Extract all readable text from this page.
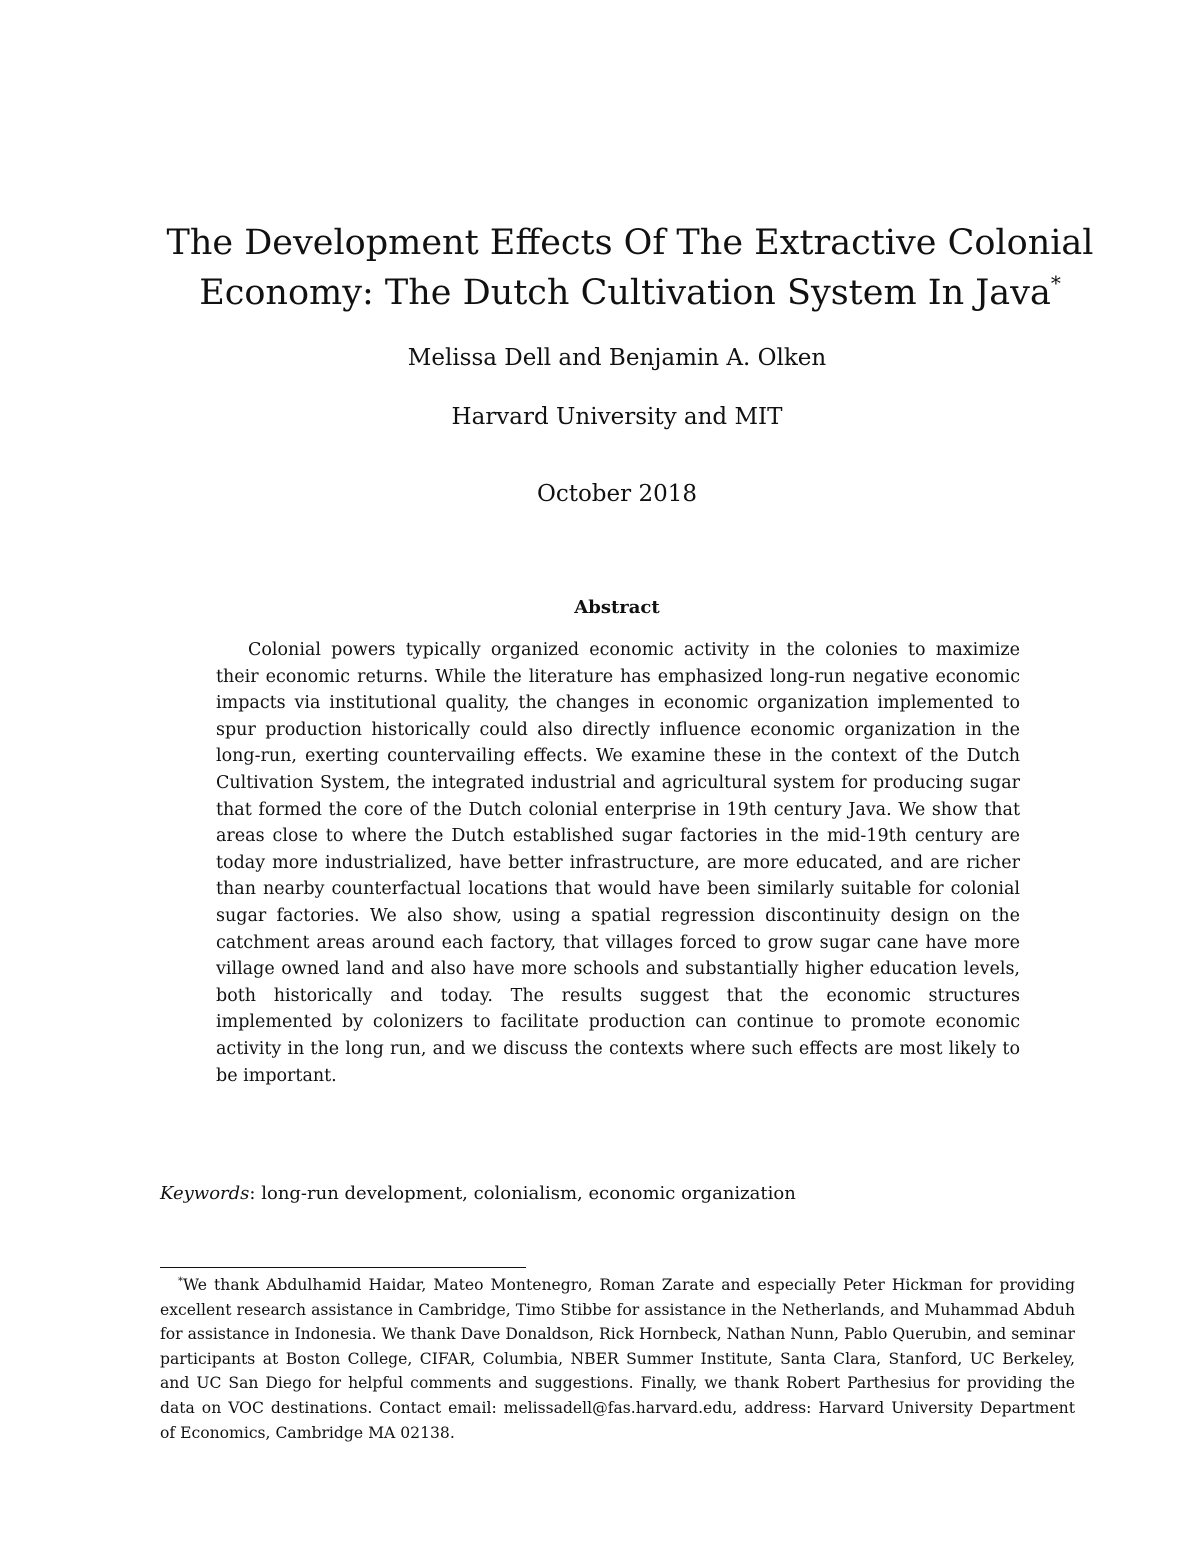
The Development Effects Of The Extractive Colonial
Economy: The Dutch Cultivation System In Java*

Melissa Dell and Benjamin A. Olken

Harvard University and MIT

October 2018

Abstract

Colonial powers typically organized economic activity in the colonies to maximize their economic returns. While the literature has emphasized long-run negative economic impacts via institutional quality, the changes in economic organization implemented to spur production historically could also directly influence economic organization in the long-run, exerting countervailing effects. We examine these in the context of the Dutch Cultivation System, the integrated industrial and agricultural system for producing sugar that formed the core of the Dutch colonial enterprise in 19th century Java. We show that areas close to where the Dutch established sugar factories in the mid-19th century are today more industrialized, have better infrastructure, are more educated, and are richer than nearby counterfactual locations that would have been similarly suitable for colonial sugar factories. We also show, using a spatial regression discontinuity design on the catchment areas around each factory, that villages forced to grow sugar cane have more village owned land and also have more schools and substantially higher education levels, both historically and today. The results suggest that the economic structures implemented by colonizers to facilitate production can continue to promote economic activity in the long run, and we discuss the contexts where such effects are most likely to be important.

Keywords: long-run development, colonialism, economic organization

*We thank Abdulhamid Haidar, Mateo Montenegro, Roman Zarate and especially Peter Hickman for providing excellent research assistance in Cambridge, Timo Stibbe for assistance in the Netherlands, and Muhammad Abduh for assistance in Indonesia. We thank Dave Donaldson, Rick Hornbeck, Nathan Nunn, Pablo Querubin, and seminar participants at Boston College, CIFAR, Columbia, NBER Summer Institute, Santa Clara, Stanford, UC Berkeley, and UC San Diego for helpful comments and suggestions. Finally, we thank Robert Parthesius for providing the data on VOC destinations. Contact email: melissadell@fas.harvard.edu, address: Harvard University Department of Economics, Cambridge MA 02138.
